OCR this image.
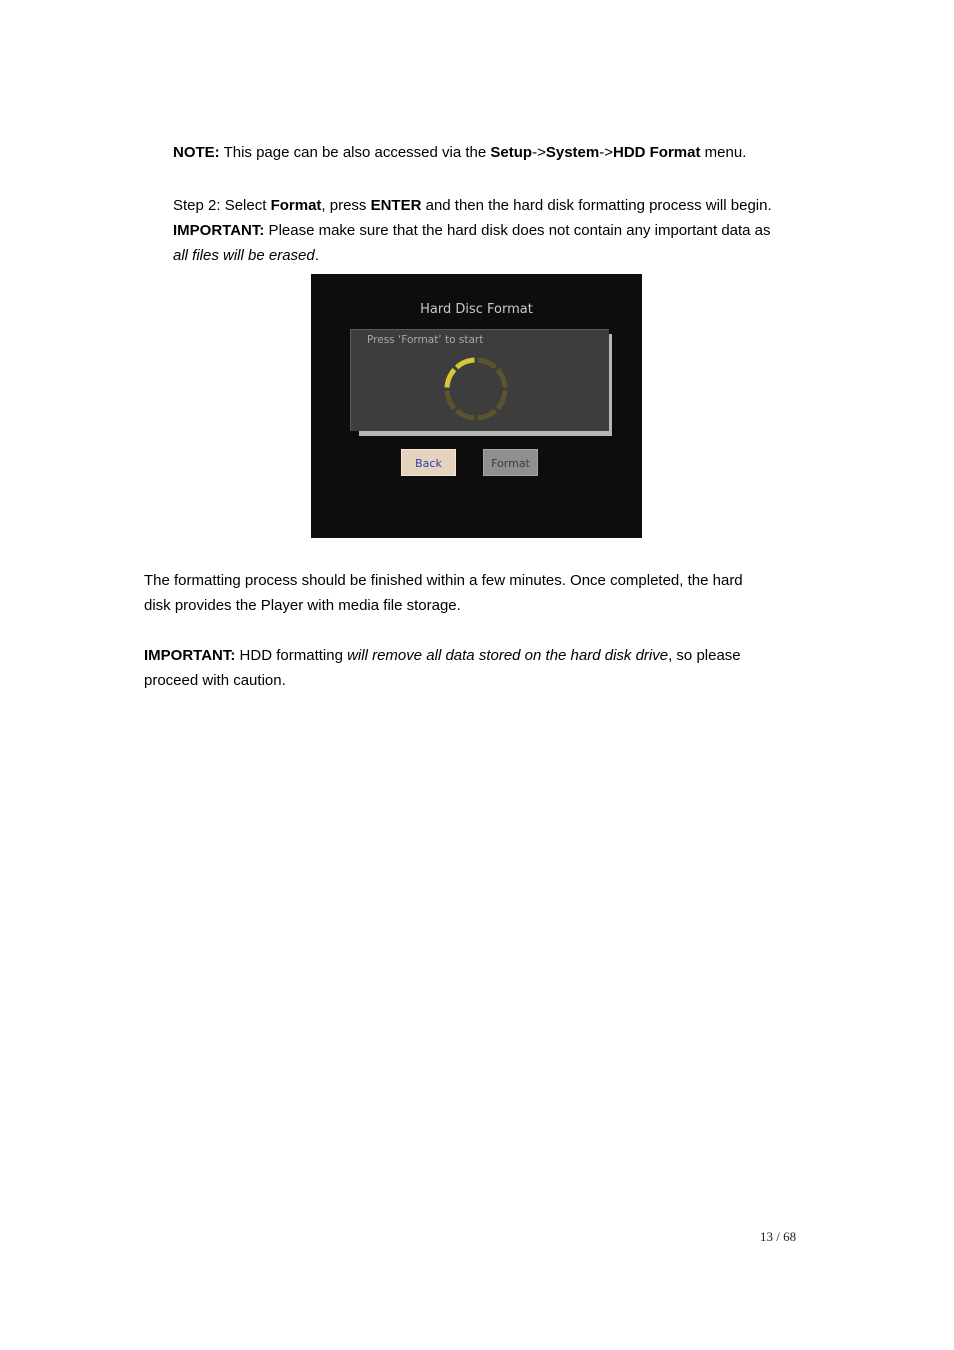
NOTE: This page can be also accessed via the Setup->System->HDD Format menu.
Step 2: Select Format, press ENTER and then the hard disk formatting process will begin.
IMPORTANT: Please make sure that the hard disk does not contain any important data as
all files will be erased.
Hard Disc Format
Press ‘Format’ to start
Back	Format
The formatting process should be finished within a few minutes. Once completed, the hard
disk provides the Player with media file storage.
IMPORTANT: HDD formatting will remove all data stored on the hard disk drive, so please
proceed with caution.
13 / 68
